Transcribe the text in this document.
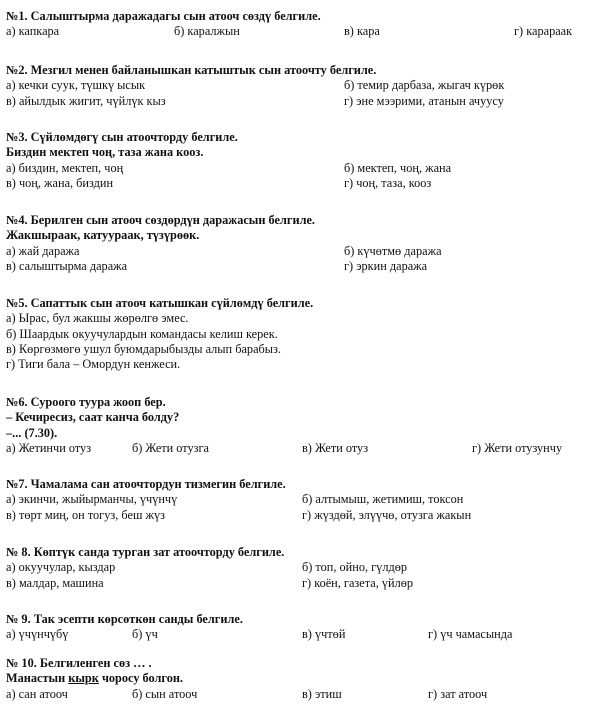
№1. Салыштырма даражадагы сын атооч сөздү белгиле.
а) капкара	б) каралжын	в) кара	г) карараак
№2. Мезгил менен байланышкан катыштык сын атоочту белгиле.
а) кечки суук, түшкү ысык	б) темир дарбаза, жыгач күрөк
в) айылдык жигит, чүйлүк кыз	г) эне мээрими, атанын ачуусу
№3. Сүйлөмдөгү сын атоочторду белгиле.
Биздин мектеп чоң, таза жана кооз.
а) биздин, мектеп, чоң	б) мектеп, чоң, жана
в) чоң, жана, биздин	г) чоң, таза, кооз
№4. Берилген сын атооч сөздөрдүн даражасын белгиле.
Жакшыраак, катуураак, түзүрөөк.
а) жай даража	б) күчөтмө даража
в) салыштырма даража	г) эркин даража
№5. Сапаттык сын атооч катышкан сүйлөмдү белгиле.
а) Ырас, бул жакшы жөрөлгө эмес.
б) Шаардык окуучулардын командасы келиш керек.
в) Көргөзмөгө ушул буюмдарыбызды алып барабыз.
г) Тиги бала – Омордун кенжеси.
№6. Суроого туура жооп бер.
– Кечиресиз, саат канча болду?
–... (7.30).
а) Жетинчи отуз	б) Жети отузга	в) Жети отуз	г) Жети отузунчу
№7. Чамалама сан атоочтордун тизмегин белгиле.
а) экинчи, жыйырманчы, үчүнчү	б) алтымыш, жетимиш, токсон
в) төрт миң, он тогуз, беш жүз	г) жүздөй, элүүчө, отузга жакын
№ 8. Көптүк санда турган зат атоочторду белгиле.
а) окуучулар, кыздар	б) топ, ойно, гүлдөр
в) малдар, машина	г) коён, газета, үйлөр
№ 9. Так эсепти көрсөткөн санды белгиле.
а) үчүнчүбү	б) үч	в) үчтөй	г) үч чамасында
№ 10. Белгиленген сөз … .
Манастын кырк чоросу болгон.
а) сан атооч	б) сын атооч	в) этиш	г) зат атооч
